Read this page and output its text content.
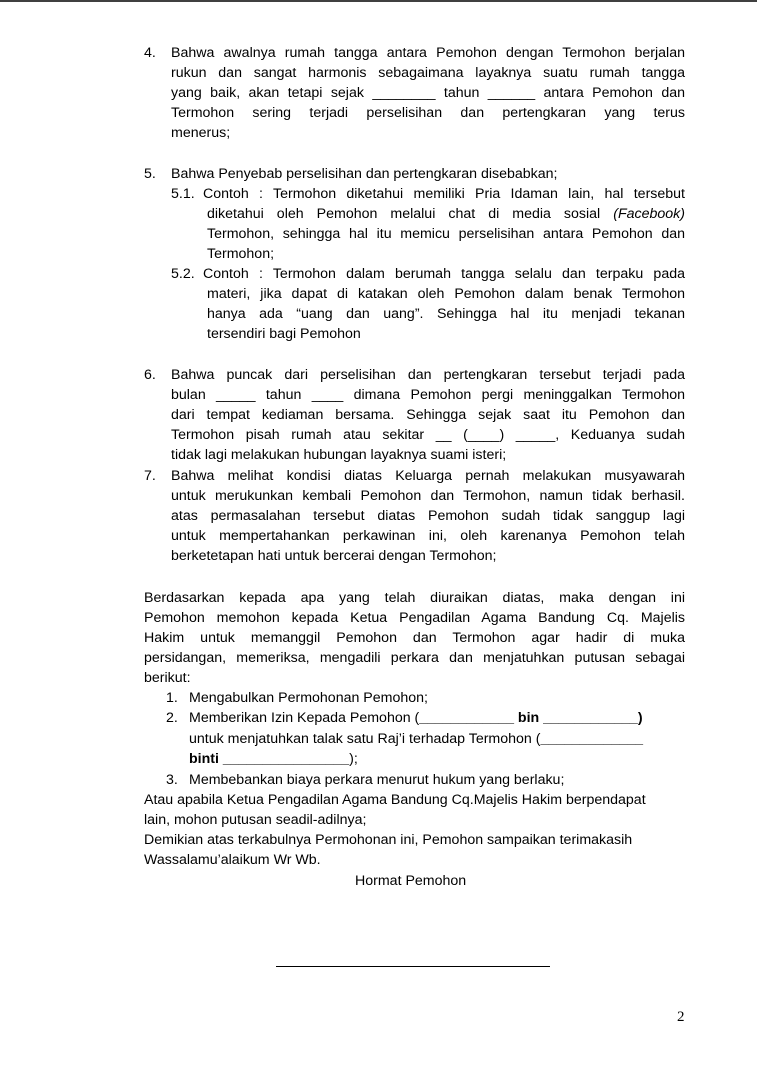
4. Bahwa awalnya rumah tangga antara Pemohon dengan Termohon berjalan
rukun dan sangat harmonis sebagaimana layaknya suatu rumah tangga
yang baik, akan tetapi sejak ________ tahun ______ antara Pemohon dan
Termohon sering terjadi perselisihan dan pertengkaran yang terus
menerus;
5. Bahwa Penyebab perselisihan dan pertengkaran disebabkan;
5.1. Contoh : Termohon diketahui memiliki Pria Idaman lain, hal tersebut
diketahui oleh Pemohon melalui chat di media sosial (Facebook)
Termohon, sehingga hal itu memicu perselisihan antara Pemohon dan
Termohon;
5.2. Contoh : Termohon dalam berumah tangga selalu dan terpaku pada
materi, jika dapat di katakan oleh Pemohon dalam benak Termohon
hanya ada “uang dan uang”. Sehingga hal itu menjadi tekanan
tersendiri bagi Pemohon
6. Bahwa puncak dari perselisihan dan pertengkaran tersebut terjadi pada
bulan _____ tahun ____ dimana Pemohon pergi meninggalkan Termohon
dari tempat kediaman bersama. Sehingga sejak saat itu Pemohon dan
Termohon pisah rumah atau sekitar __ (____) _____, Keduanya sudah
tidak lagi melakukan hubungan layaknya suami isteri;
7. Bahwa melihat kondisi diatas Keluarga pernah melakukan musyawarah
untuk merukunkan kembali Pemohon dan Termohon, namun tidak berhasil.
atas permasalahan tersebut diatas Pemohon sudah tidak sanggup lagi
untuk mempertahankan perkawinan ini, oleh karenanya Pemohon telah
berketetapan hati untuk bercerai dengan Termohon;
Berdasarkan kepada apa yang telah diuraikan diatas, maka dengan ini
Pemohon memohon kepada Ketua Pengadilan Agama Bandung Cq. Majelis
Hakim untuk memanggil Pemohon dan Termohon agar hadir di muka
persidangan, memeriksa, mengadili perkara dan menjatuhkan putusan sebagai
berikut:
1. Mengabulkan Permohonan Pemohon;
2. Memberikan Izin Kepada Pemohon (____________ bin ____________)
untuk menjatuhkan talak satu Raj’i terhadap Termohon (_____________
binti ________________);
3. Membebankan biaya perkara menurut hukum yang berlaku;
Atau apabila Ketua Pengadilan Agama Bandung Cq.Majelis Hakim berpendapat
lain, mohon putusan seadil-adilnya;
Demikian atas terkabulnya Permohonan ini, Pemohon sampaikan terimakasih
Wassalamu’alaikum Wr Wb.
Hormat Pemohon
2
